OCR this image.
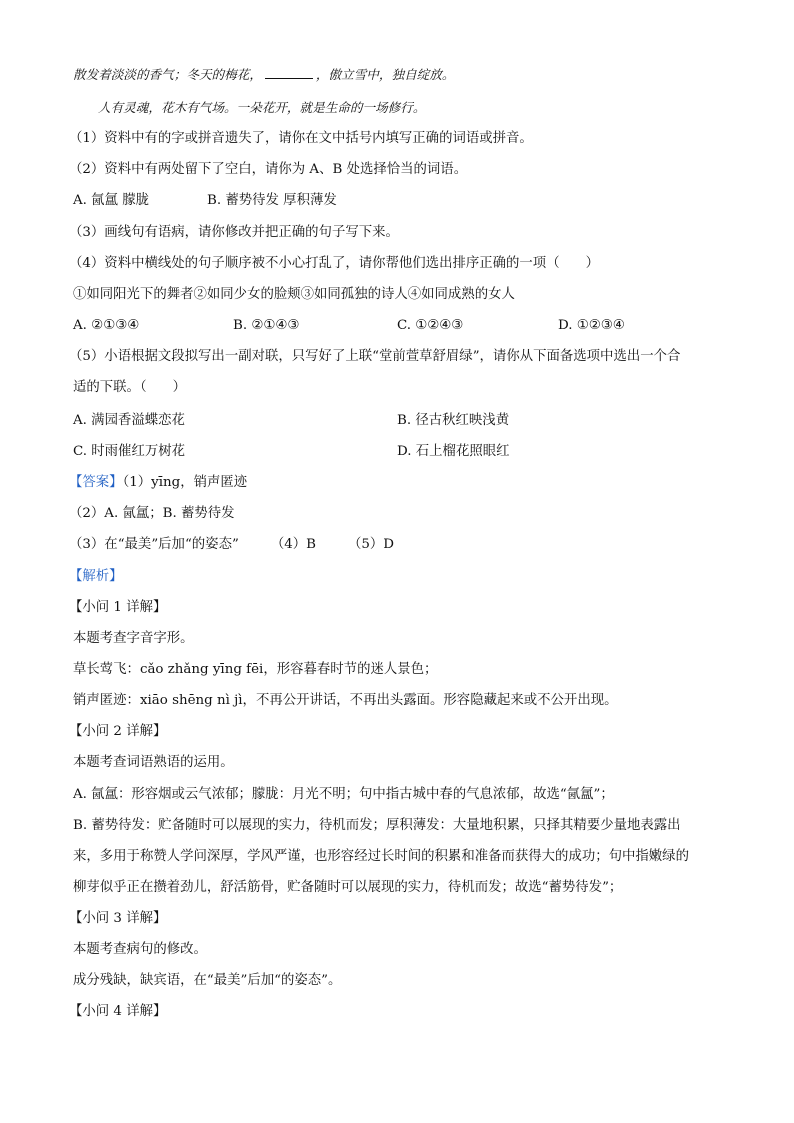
散发着淡淡的香气；冬天的梅花，	，傲立雪中，独自绽放。
人有灵魂，花木有气场。一朵花开，就是生命的一场修行。
（1）资料中有的字或拼音遗失了，请你在文中括号内填写正确的词语或拼音。
（2）资料中有两处留下了空白，请你为 A、B 处选择恰当的词语。
A. 氤氲 朦胧	B. 蓄势待发 厚积薄发
（3）画线句有语病，请你修改并把正确的句子写下来。
（4）资料中横线处的句子顺序被不小心打乱了，请你帮他们选出排序正确的一项（ ）
①如同阳光下的舞者②如同少女的脸颊③如同孤独的诗人④如同成熟的女人
A. ②①③④	B. ②①④③	C. ①②④③	D. ①②③④
（5）小语根据文段拟写出一副对联，只写好了上联“堂前萱草舒眉绿”，请你从下面备选项中选出一个合
适的下联。（ ）
A. 满园香溢蝶恋花	B. 径古秋红映浅黄
C. 时雨催红万树花	D. 石上榴花照眼红
【答案】（1）yīng，销声匿迹
（2）A. 氤氲；B. 蓄势待发
（3）在“最美”后加“的姿态” （4）B （5）D
【解析】
【小问 1 详解】
本题考查字音字形。
草长莺飞：cǎo zhǎng yīng fēi，形容暮春时节的迷人景色；
销声匿迹：xiāo shēng nì jì，不再公开讲话，不再出头露面。形容隐藏起来或不公开出现。
【小问 2 详解】
本题考查词语熟语的运用。
A. 氤氲：形容烟或云气浓郁；朦胧：月光不明；句中指古城中春的气息浓郁，故选“氤氲”；
B. 蓄势待发：贮备随时可以展现的实力，待机而发；厚积薄发：大量地积累，只择其精要少量地表露出
来，多用于称赞人学问深厚，学风严谨，也形容经过长时间的积累和准备而获得大的成功；句中指嫩绿的
柳芽似乎正在攒着劲儿，舒活筋骨，贮备随时可以展现的实力，待机而发；故选“蓄势待发”；
【小问 3 详解】
本题考查病句的修改。
成分残缺，缺宾语，在“最美”后加“的姿态”。
【小问 4 详解】
